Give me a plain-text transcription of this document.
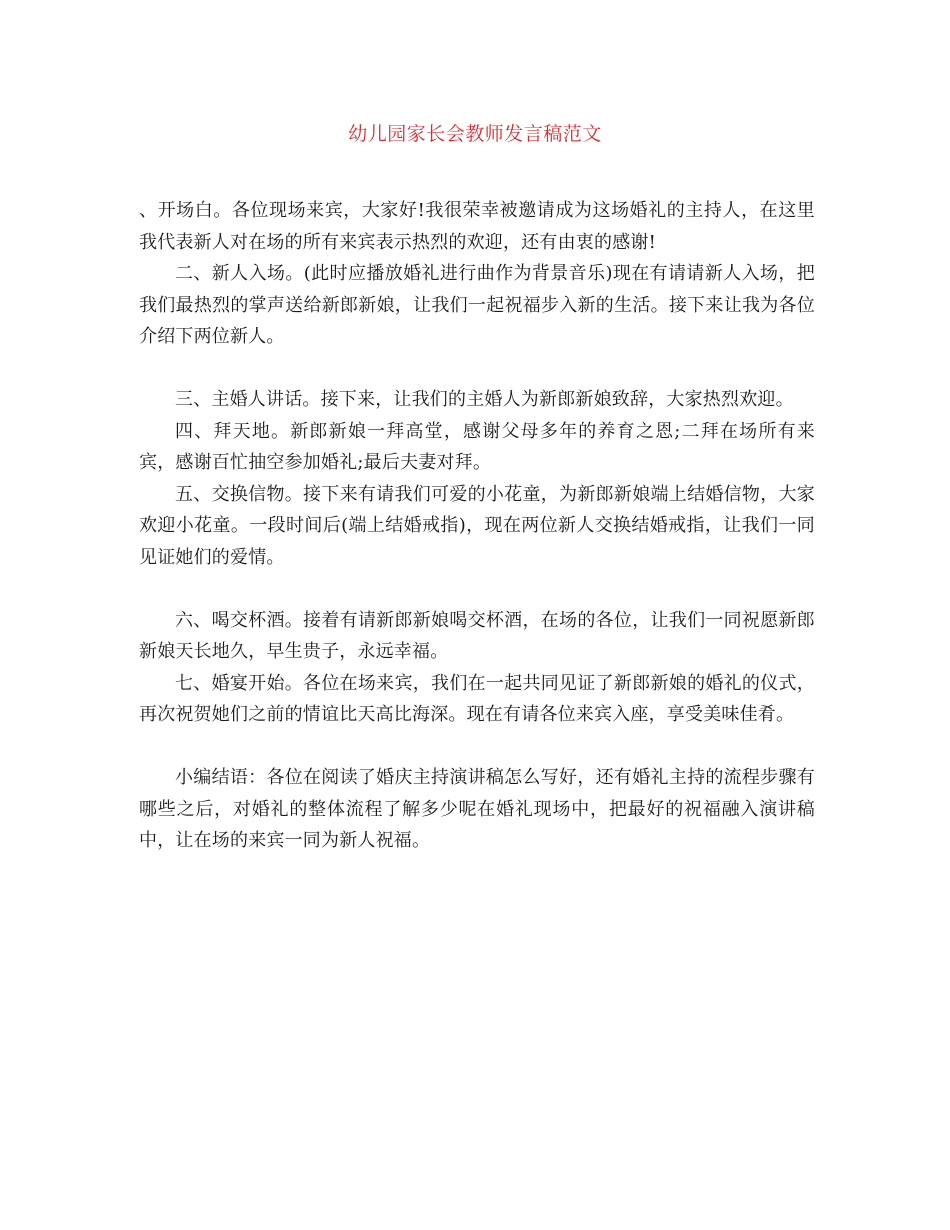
幼儿园家长会教师发言稿范文

、开场白。各位现场来宾，大家好!我很荣幸被邀请成为这场婚礼的主持人，在这里我代表新人对在场的所有来宾表示热烈的欢迎，还有由衷的感谢!

二、新人入场。(此时应播放婚礼进行曲作为背景音乐)现在有请请新人入场，把我们最热烈的掌声送给新郎新娘，让我们一起祝福步入新的生活。接下来让我为各位介绍下两位新人。

三、主婚人讲话。接下来，让我们的主婚人为新郎新娘致辞，大家热烈欢迎。

四、拜天地。新郎新娘一拜高堂，感谢父母多年的养育之恩;二拜在场所有来宾，感谢百忙抽空参加婚礼;最后夫妻对拜。

五、交换信物。接下来有请我们可爱的小花童，为新郎新娘端上结婚信物，大家欢迎小花童。一段时间后(端上结婚戒指)，现在两位新人交换结婚戒指，让我们一同见证她们的爱情。

六、喝交杯酒。接着有请新郎新娘喝交杯酒，在场的各位，让我们一同祝愿新郎新娘天长地久，早生贵子，永远幸福。

七、婚宴开始。各位在场来宾，我们在一起共同见证了新郎新娘的婚礼的仪式，再次祝贺她们之前的情谊比天高比海深。现在有请各位来宾入座，享受美味佳肴。

小编结语：各位在阅读了婚庆主持演讲稿怎么写好，还有婚礼主持的流程步骤有哪些之后，对婚礼的整体流程了解多少呢在婚礼现场中，把最好的祝福融入演讲稿中，让在场的来宾一同为新人祝福。
